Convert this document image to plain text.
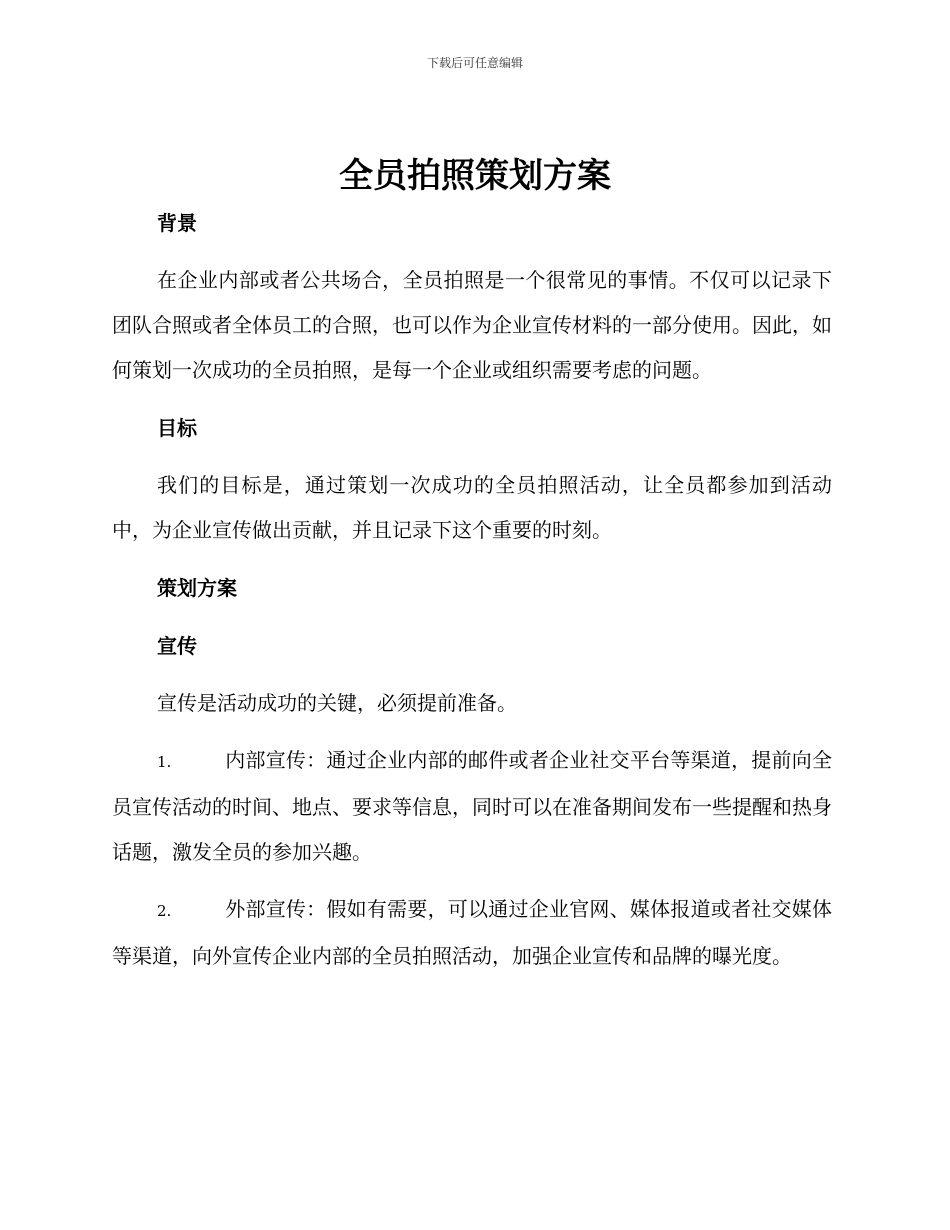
下载后可任意编辑
全员拍照策划方案
背景

在企业内部或者公共场合，全员拍照是一个很常见的事情。不仅可以记录下团队合照或者全体员工的合照，也可以作为企业宣传材料的一部分使用。因此，如何策划一次成功的全员拍照，是每一个企业或组织需要考虑的问题。

目标

我们的目标是，通过策划一次成功的全员拍照活动，让全员都参加到活动中，为企业宣传做出贡献，并且记录下这个重要的时刻。

策划方案
宣传

宣传是活动成功的关键，必须提前准备。

1.	内部宣传：通过企业内部的邮件或者企业社交平台等渠道，提前向全员宣传活动的时间、地点、要求等信息，同时可以在准备期间发布一些提醒和热身话题，激发全员的参加兴趣。

2.	外部宣传：假如有需要，可以通过企业官网、媒体报道或者社交媒体等渠道，向外宣传企业内部的全员拍照活动，加强企业宣传和品牌的曝光度。
